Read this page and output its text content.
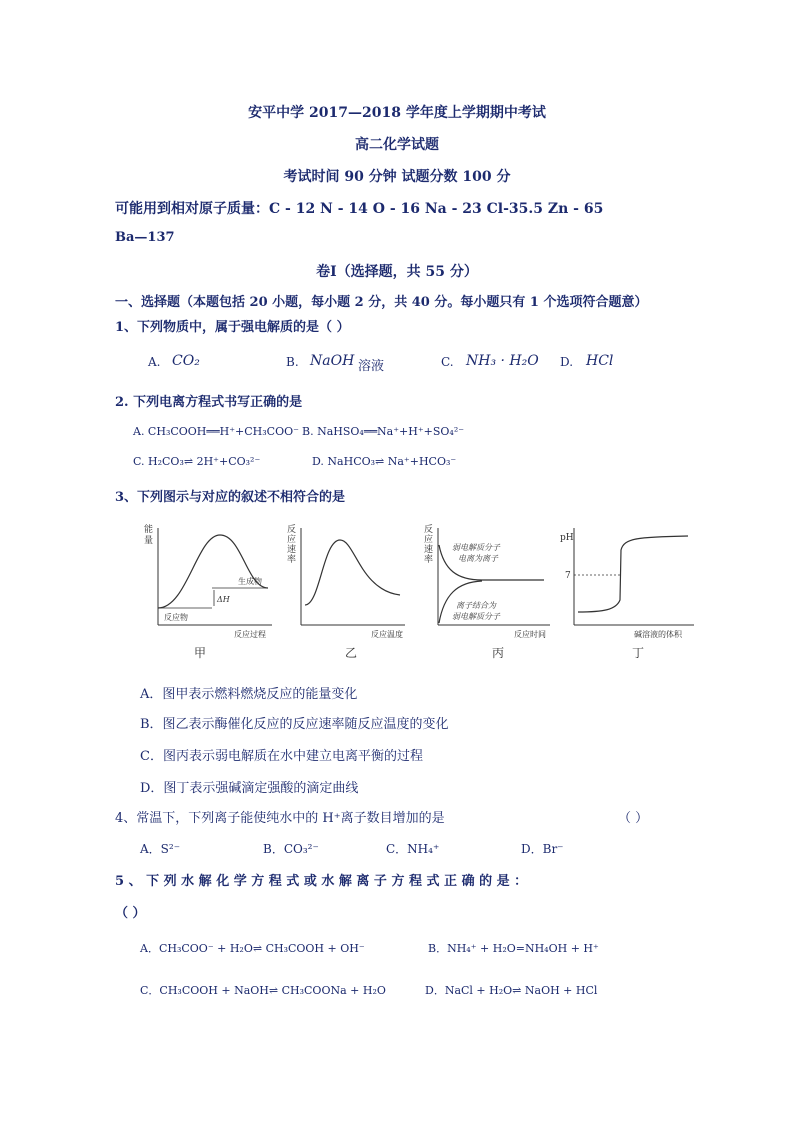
安平中学 2017—2018 学年度上学期期中考试
高二化学试题
考试时间 90 分钟 试题分数 100 分
可能用到相对原子质量：C - 12 N - 14 O - 16 Na - 23 Cl-35.5 Zn - 65
Ba—137
卷Ⅰ（选择题，共 55 分）
一、选择题（本题包括 20 小题，每小题 2 分，共 40 分。每小题只有 1 个选项符合题意）
1、下列物质中，属于强电解质的是（ ）
A. CO₂	B. NaOH 溶液	C. NH₃ · H₂O D. HCl
2. 下列电离方程式书写正确的是
A. CH₃COOH══H⁺+CH₃COO⁻ B. NaHSO₄══Na⁺+H⁺+SO₄²⁻
C. H₂CO₃⇌ 2H⁺+CO₃²⁻	D. NaHCO₃⇌ Na⁺+HCO₃⁻
3、下列图示与对应的叙述不相符合的是
能
量
ΔH
反应物
生成物
反应过程
甲
反
应
速
率
反应温度
乙
反
应
速
率
弱电解质分子
电离为离子
离子结合为
弱电解质分子
反应时间
丙
pH
7
碱溶液的体积
丁
A．图甲表示燃料燃烧反应的能量变化
B．图乙表示酶催化反应的反应速率随反应温度的变化
C．图丙表示弱电解质在水中建立电离平衡的过程
D．图丁表示强碱滴定强酸的滴定曲线
4、常温下，下列离子能使纯水中的 H⁺离子数目增加的是	（ ）
A．S²⁻	B．CO₃²⁻	C．NH₄⁺	D．Br⁻
5 、 下 列 水 解 化 学 方 程 式 或 水 解 离 子 方 程 式 正 确 的 是 ：
（ ）
A．CH₃COO⁻ + H₂O⇌ CH₃COOH + OH⁻	B．NH₄⁺ + H₂O=NH₄OH + H⁺
C．CH₃COOH + NaOH⇌ CH₃COONa + H₂O	D．NaCl + H₂O⇌ NaOH + HCl
